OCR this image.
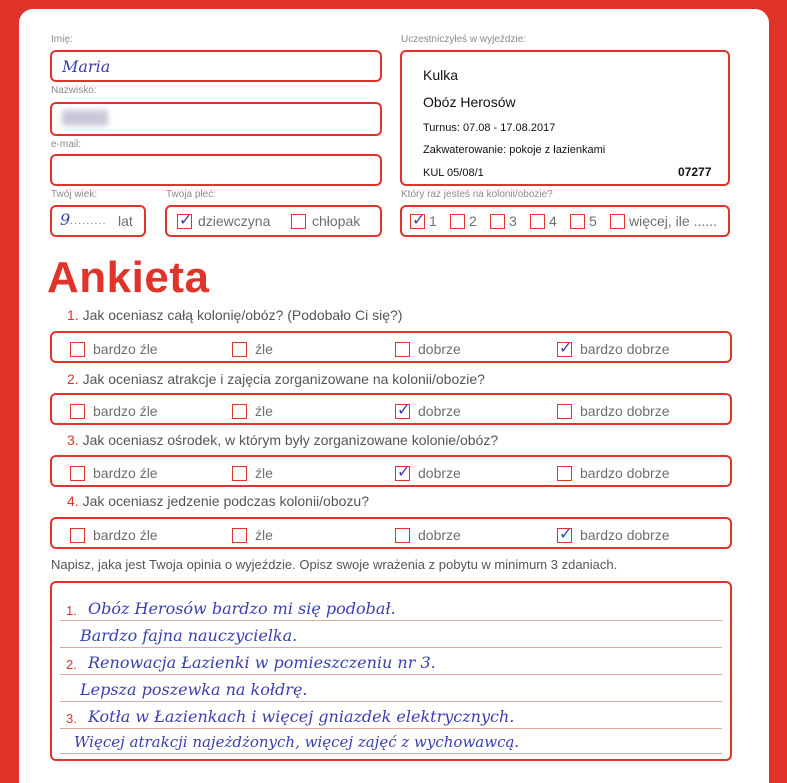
Imię:
Maria
Nazwisko:
e-mail:
Twój wiek:
9 ......... lat
Twoja płeć:
✓
dziewczyna	chłopak
Uczestniczyłeś w wyjeździe:
Kulka
Obóz Herosów
Turnus: 07.08 - 17.08.2017
Zakwaterowanie: pokoje z łazienkami
KUL 05/08/1	07277
Który raz jesteś na kolonii/obozie?
✓
1 2 3 4 5 więcej, ile ......
Ankieta
1. Jak oceniasz całą kolonię/obóz? (Podobało Ci się?)
bardzo źle	źle	dobrze ✓	bardzo dobrze
2. Jak oceniasz atrakcje i zajęcia zorganizowane na kolonii/obozie?
bardzo źle	źle ✓	dobrze	bardzo dobrze
3. Jak oceniasz ośrodek, w którym były zorganizowane kolonie/obóz?
bardzo źle	źle ✓	dobrze	bardzo dobrze
4. Jak oceniasz jedzenie podczas kolonii/obozu?
bardzo źle	źle	dobrze ✓	bardzo dobrze
Napisz, jaka jest Twoja opinia o wyjeździe. Opisz swoje wrażenia z pobytu w minimum 3 zdaniach.
1.
2.
3.
Obóz Herosów bardzo mi się podobał.
Bardzo fajna nauczycielka.
Renowacja Łazienki w pomieszczeniu nr 3.
Lepsza poszewka na kołdrę.
Kotła w Łazienkach i więcej gniazdek elektrycznych.
Więcej atrakcji najeżdżonych, więcej zajęć z wychowawcą.
